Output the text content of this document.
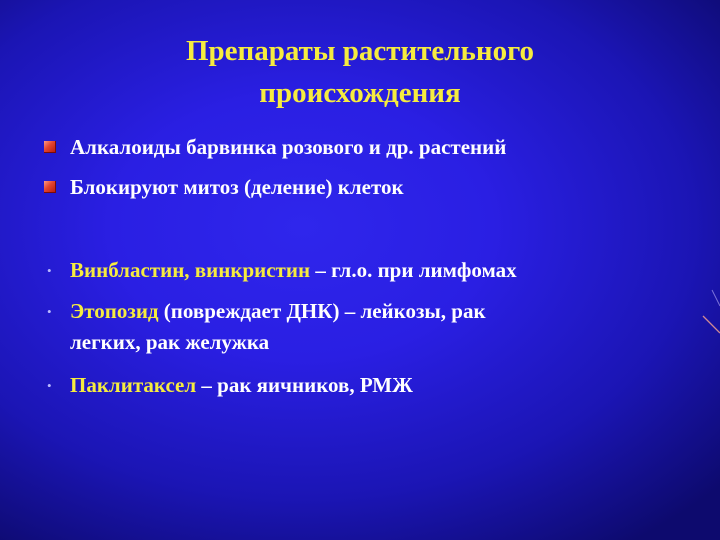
Препараты растительного
происхождения
Алкалоиды барвинка розового и др. растений
Блокируют митоз (деление) клеток
• Винбластин, винкристин – гл.о. при лимфомах
• Этопозид (повреждает ДНК) – лейкозы, рак
легких, рак желужка
• Паклитаксел – рак яичников, РМЖ
